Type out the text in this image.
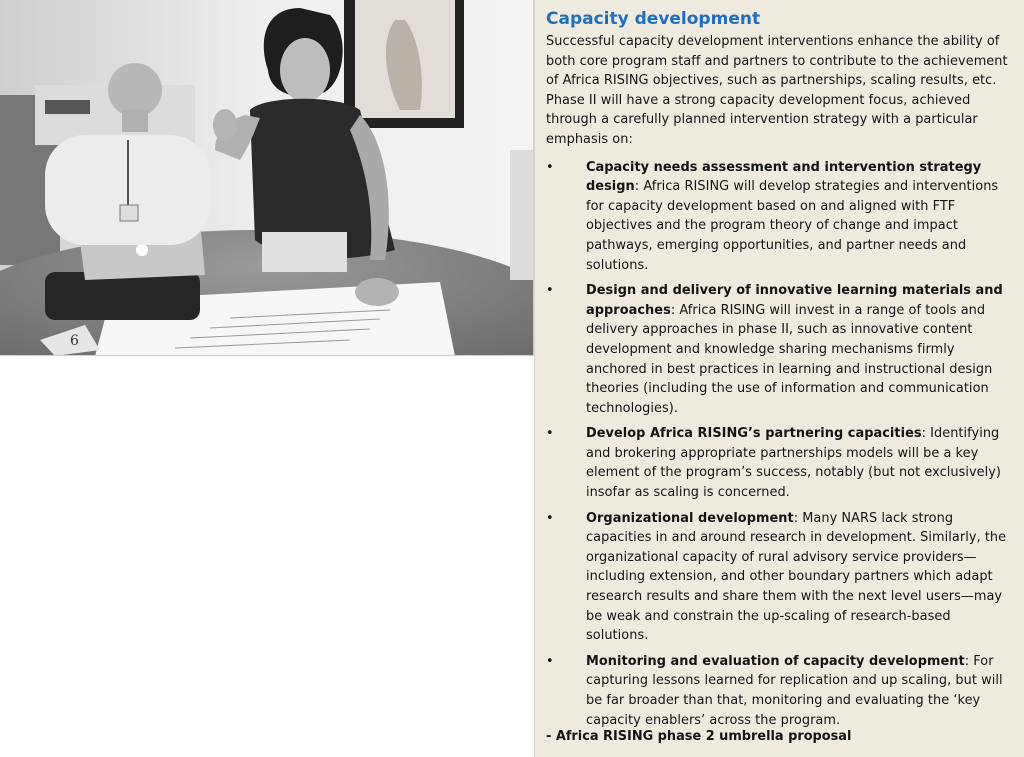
6
Capacity development

Successful capacity development interventions enhance the ability of both core program staff and partners to contribute to the achievement of Africa RISING objectives, such as partnerships, scaling results, etc. Phase II will have a strong capacity development focus, achieved through a carefully planned intervention strategy with a particular emphasis on:

•	Capacity needs assessment and intervention strategy design: Africa RISING will develop strategies and interventions for capacity development based on and aligned with FTF objectives and the program theory of change and impact pathways, emerging opportunities, and partner needs and solutions.
•	Design and delivery of innovative learning materials and approaches: Africa RISING will invest in a range of tools and delivery approaches in phase II, such as innovative content development and knowledge sharing mechanisms firmly anchored in best practices in learning and instructional design theories (including the use of information and communication technologies).
•	Develop Africa RISING’s partnering capacities: Identifying and brokering appropriate partnerships models will be a key element of the program’s success, notably (but not exclusively) insofar as scaling is concerned.
•	Organizational development: Many NARS lack strong capacities in and around research in development. Similarly, the organizational capacity of rural advisory service providers—including extension, and other boundary partners which adapt research results and share them with the next level users—may be weak and constrain the up-scaling of research-based solutions.
•	Monitoring and evaluation of capacity development: For capturing lessons learned for replication and up scaling, but will be far broader than that, monitoring and evaluating the ‘key capacity enablers’ across the program.
- Africa RISING phase 2 umbrella proposal
